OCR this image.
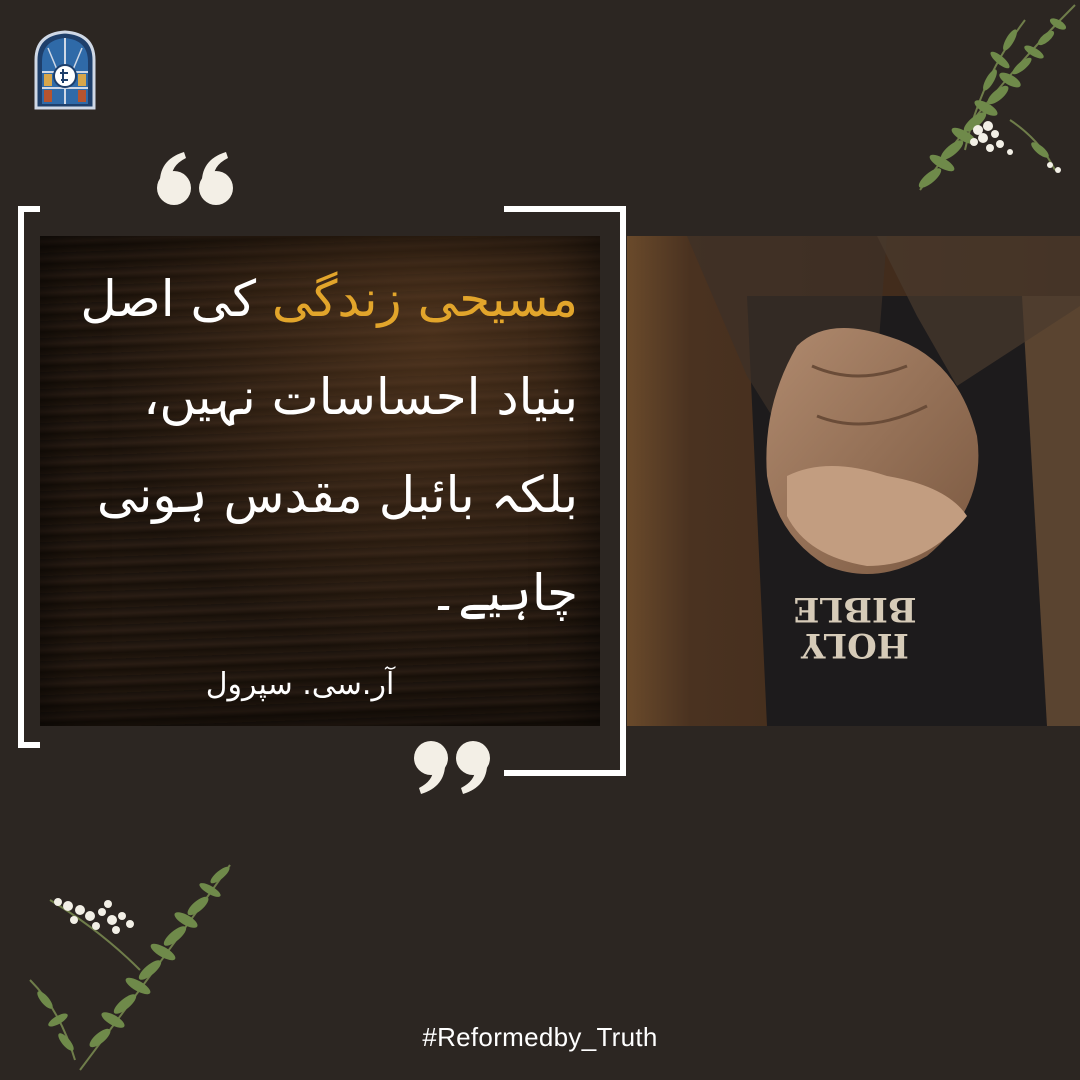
BIBLE
HOLY
مسیحی زندگی کی اصل
بنیاد احساسات نہیں،
بلکہ بائبل مقدس ہونی
چاہیے۔
آر.سی. سپرول
#Reformedby_Truth
